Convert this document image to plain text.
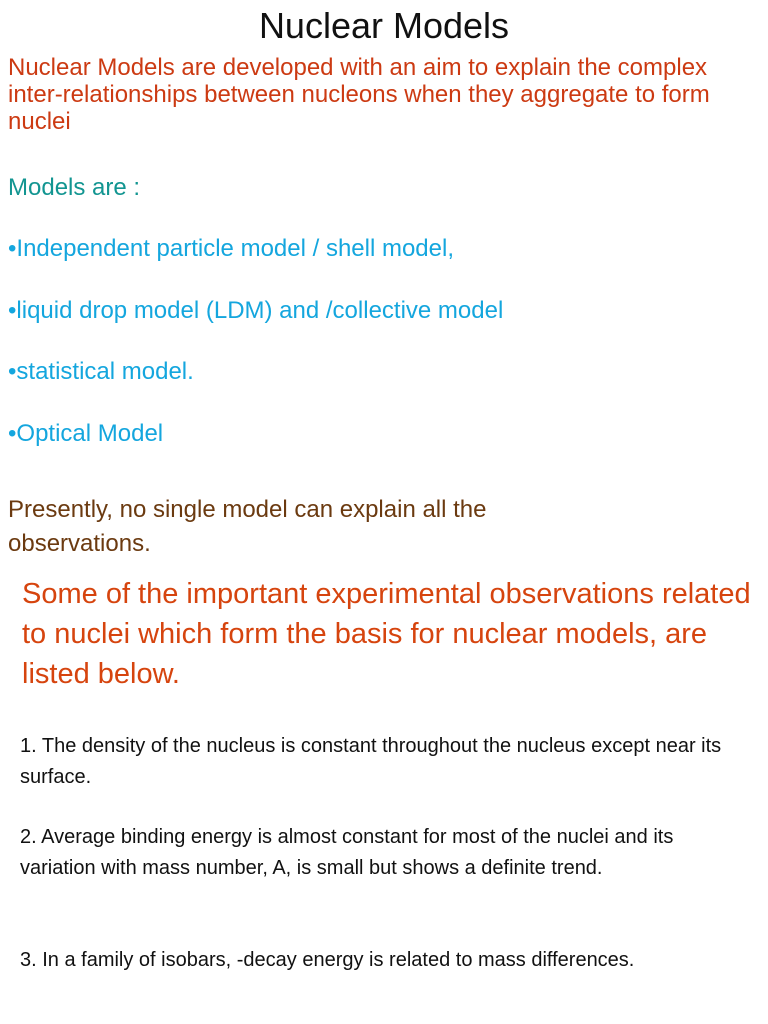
Nuclear Models
Nuclear Models are developed with an aim to explain the complex inter-relationships between nucleons when they aggregate to form nuclei
Models are :
•Independent particle model / shell model,
•liquid drop model (LDM) and /collective model
•statistical model.
•Optical Model
Presently, no single model can explain all the observations.
Some of the important experimental observations related to nuclei which form the basis for nuclear models, are listed below.
1. The density of the nucleus is constant throughout the nucleus except near its surface.
2. Average binding energy is almost constant for most of the nuclei and its variation with mass number, A, is small but shows a definite trend.
3. In a family of isobars, -decay energy is related to mass differences.
